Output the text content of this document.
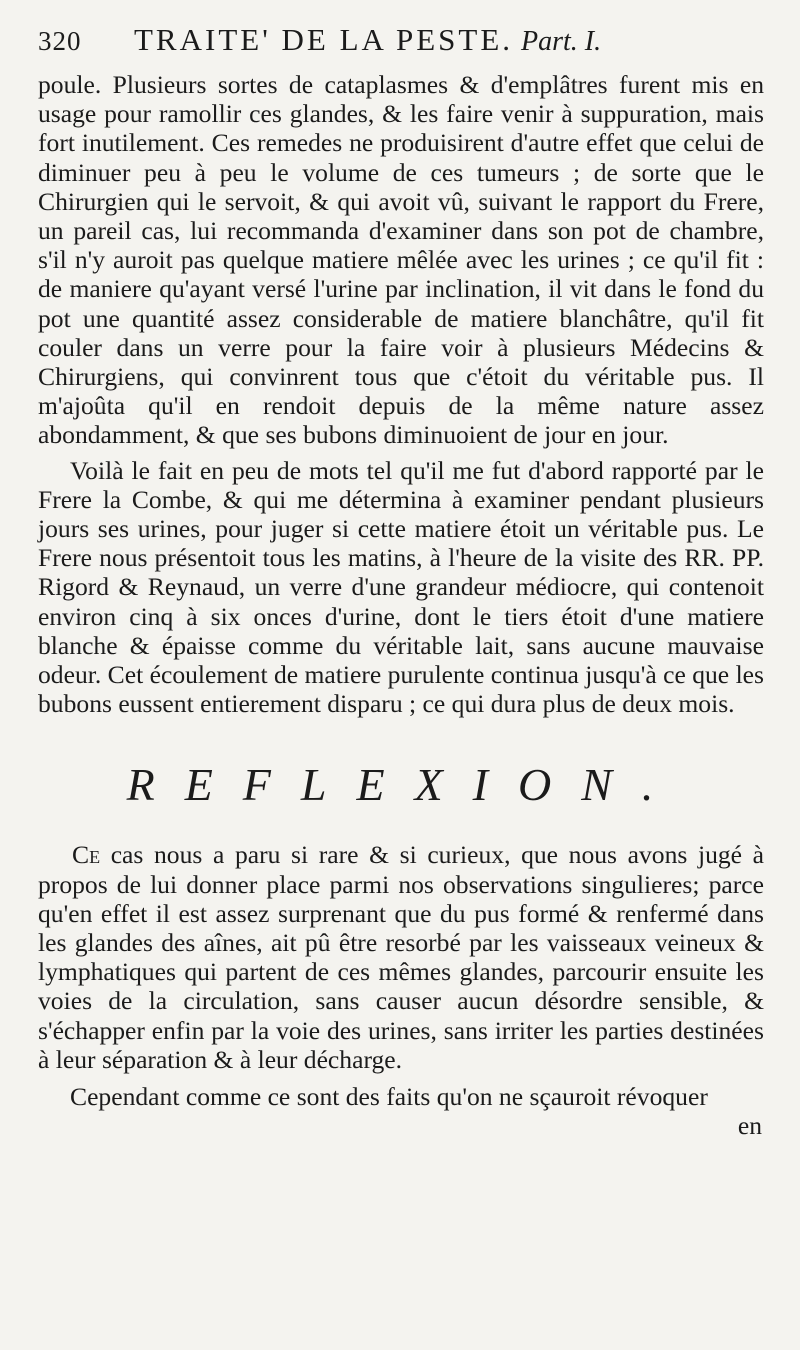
320	TRAITE' DE LA PESTE. Part. I.

poule. Plusieurs sortes de cataplasmes & d'emplâtres furent mis en usage pour ramollir ces glandes, & les faire venir à suppuration, mais fort inutilement. Ces remedes ne produisirent d'autre effet que celui de diminuer peu à peu le volume de ces tumeurs ; de sorte que le Chirurgien qui le servoit, & qui avoit vû, suivant le rapport du Frere, un pareil cas, lui recommanda d'examiner dans son pot de chambre, s'il n'y auroit pas quelque matiere mêlée avec les urines ; ce qu'il fit : de maniere qu'ayant versé l'urine par inclination, il vit dans le fond du pot une quantité assez considerable de matiere blanchâtre, qu'il fit couler dans un verre pour la faire voir à plusieurs Médecins & Chirurgiens, qui convinrent tous que c'étoit du véritable pus. Il m'ajoûta qu'il en rendoit depuis de la même nature assez abondamment, & que ses bubons diminuoient de jour en jour.

Voilà le fait en peu de mots tel qu'il me fut d'abord rapporté par le Frere la Combe, & qui me détermina à examiner pendant plusieurs jours ses urines, pour juger si cette matiere étoit un véritable pus. Le Frere nous présentoit tous les matins, à l'heure de la visite des RR. PP. Rigord & Reynaud, un verre d'une grandeur médiocre, qui contenoit environ cinq à six onces d'urine, dont le tiers étoit d'une matiere blanche & épaisse comme du véritable lait, sans aucune mauvaise odeur. Cet écoulement de matiere purulente continua jusqu'à ce que les bubons eussent entierement disparu ; ce qui dura plus de deux mois.

REFLEXION.

Ce cas nous a paru si rare & si curieux, que nous avons jugé à propos de lui donner place parmi nos observations singulieres; parce qu'en effet il est assez surprenant que du pus formé & renfermé dans les glandes des aînes, ait pû être resorbé par les vaisseaux veineux & lymphatiques qui partent de ces mêmes glandes, parcourir ensuite les voies de la circulation, sans causer aucun désordre sensible, & s'échapper enfin par la voie des urines, sans irriter les parties destinées à leur séparation & à leur décharge.

Cependant comme ce sont des faits qu'on ne sçauroit révoquer

en
